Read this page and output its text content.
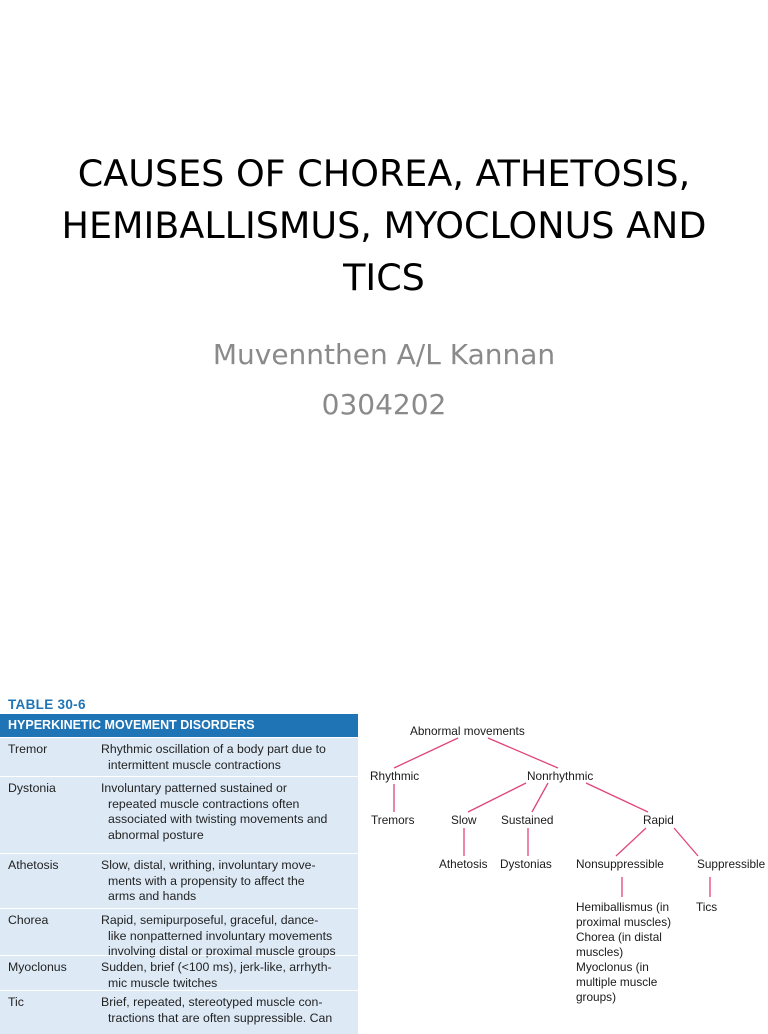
CAUSES OF CHOREA, ATHETOSIS,
HEMIBALLISMUS, MYOCLONUS AND
TICS
Muvennthen A/L Kannan
0304202
TABLE 30-6
HYPERKINETIC MOVEMENT DISORDERS
Tremor	Rhythmic oscillation of a body part due to
intermittent muscle contractions
Dystonia	Involuntary patterned sustained or
repeated muscle contractions often
associated with twisting movements and
abnormal posture
Athetosis	Slow, distal, writhing, involuntary move-
ments with a propensity to affect the
arms and hands
Chorea	Rapid, semipurposeful, graceful, dance-
like nonpatterned involuntary movements
involving distal or proximal muscle groups
Myoclonus	Sudden, brief (<100 ms), jerk-like, arrhyth-
mic muscle twitches
Tic	Brief, repeated, stereotyped muscle con-
tractions that are often suppressible. Can
Abnormal movements
Rhythmic	Nonrhythmic
Tremors	Slow Sustained	Rapid
Athetosis Dystonias Nonsuppressible	Suppressible
Tics
Hemiballismus (in
proximal muscles)
Chorea (in distal
muscles)
Myoclonus (in
multiple muscle
groups)
